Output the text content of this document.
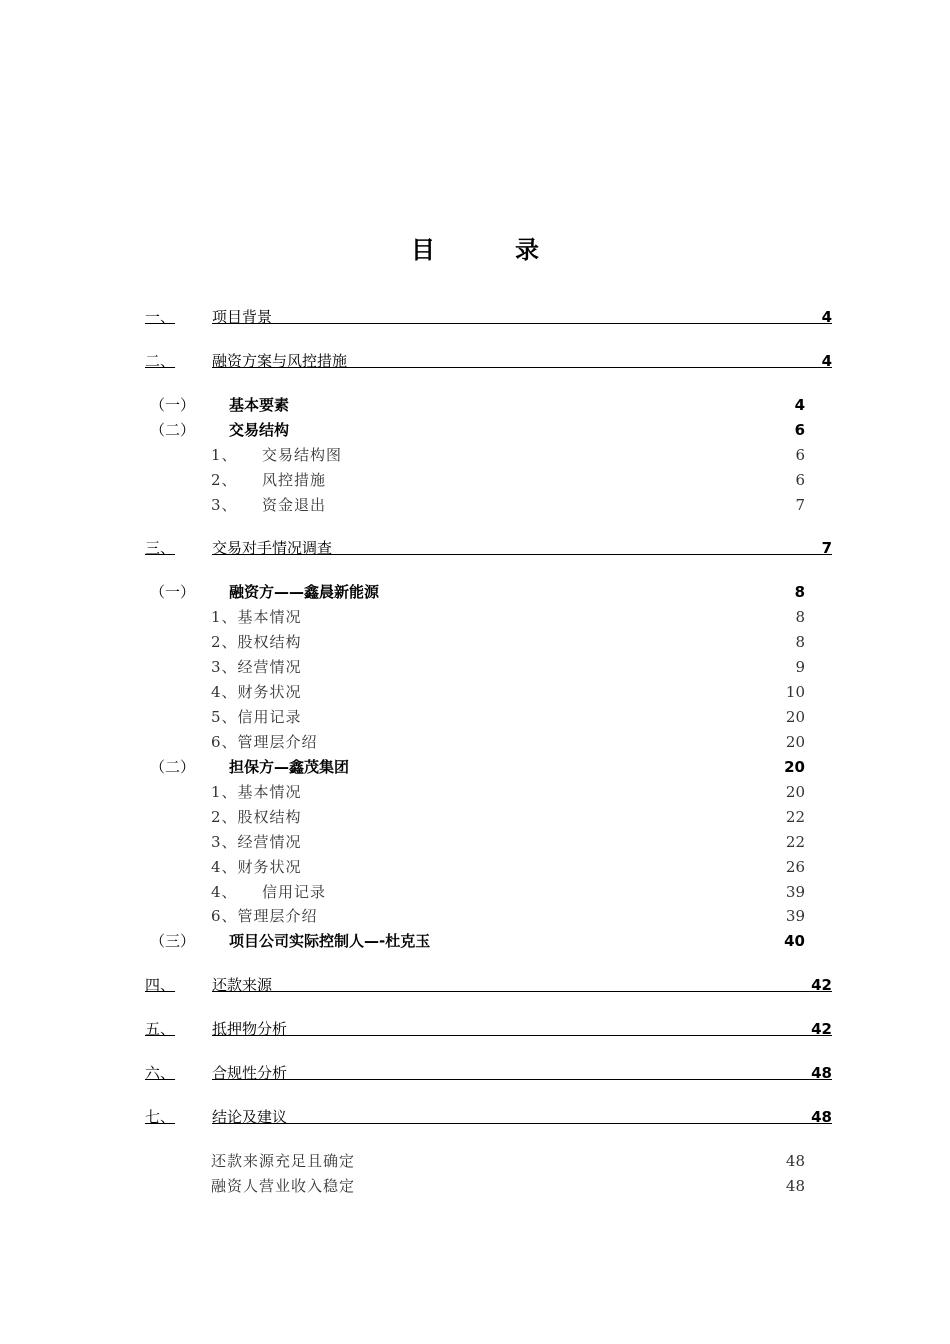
目　录
一、 项目背景	4
二、 融资方案与风控措施	4
（一） 基本要素	4
（二） 交易结构	6
1、 交易结构图	6
2、 风控措施	6
3、 资金退出	7
三、 交易对手情况调查	7
（一） 融资方——鑫晨新能源	8
1、基本情况	8
2、股权结构	8
3、经营情况	9
4、财务状况	10
5、信用记录	20
6、管理层介绍	20
（二） 担保方—鑫茂集团	20
1、基本情况	20
2、股权结构	22
3、经营情况	22
4、财务状况	26
4、 信用记录	39
6、管理层介绍	39
（三） 项目公司实际控制人—-杜克玉	40
四、 还款来源	42
五、 抵押物分析	42
六、 合规性分析	48
七、 结论及建议	48
还款来源充足且确定	48
融资人营业收入稳定	48
